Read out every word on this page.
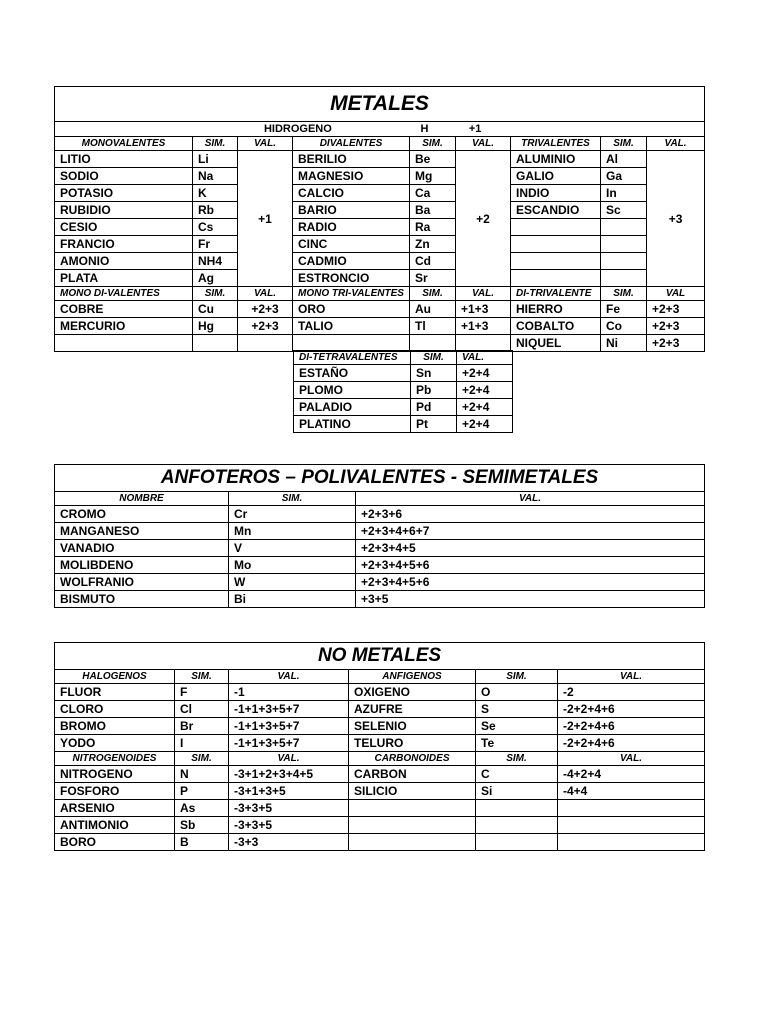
METALES								
HIDROGENO H +1								
MONOVALENTES	SIM.	VAL.	DIVALENTES	SIM.	VAL.	TRIVALENTES	SIM.	VAL.
LITIO	Li	+1	BERILIO	Be	+2	ALUMINIO	Al	+3
SODIO	Na		MAGNESIO	Mg		GALIO	Ga	
POTASIO	K		CALCIO	Ca		INDIO	In	
RUBIDIO	Rb		BARIO	Ba		ESCANDIO	Sc	
CESIO	Cs		RADIO	Ra				
FRANCIO	Fr		CINC	Zn				
AMONIO	NH4		CADMIO	Cd				
PLATA	Ag		ESTRONCIO	Sr				
MONO DI-VALENTES	SIM.	VAL.	MONO TRI-VALENTES	SIM.	VAL.	DI-TRIVALENTE	SIM.	VAL
COBRE	Cu	+2+3	ORO	Au	+1+3	HIERRO	Fe	+2+3
MERCURIO	Hg	+2+3	TALIO	Tl	+1+3	COBALTO	Co	+2+3
						NIQUEL	Ni	+2+3
DI-TETRAVALENTES	SIM.	VAL.
ESTAÑO	Sn	+2+4
PLOMO	Pb	+2+4
PALADIO	Pd	+2+4
PLATINO	Pt	+2+4
ANFOTEROS – POLIVALENTES - SEMIMETALES		
NOMBRE	SIM.	VAL.
CROMO	Cr	+2+3+6
MANGANESO	Mn	+2+3+4+6+7
VANADIO	V	+2+3+4+5
MOLIBDENO	Mo	+2+3+4+5+6
WOLFRANIO	W	+2+3+4+5+6
BISMUTO	Bi	+3+5
NO METALES					
HALOGENOS	SIM.	VAL.	ANFIGENOS	SIM.	VAL.
FLUOR	F	-1	OXIGENO	O	-2
CLORO	Cl	-1+1+3+5+7	AZUFRE	S	-2+2+4+6
BROMO	Br	-1+1+3+5+7	SELENIO	Se	-2+2+4+6
YODO	I	-1+1+3+5+7	TELURO	Te	-2+2+4+6
NITROGENOIDES	SIM.	VAL.	CARBONOIDES	SIM.	VAL.
NITROGENO	N	-3+1+2+3+4+5	CARBON	C	-4+2+4
FOSFORO	P	-3+1+3+5	SILICIO	Si	-4+4
ARSENIO	As	-3+3+5			
ANTIMONIO	Sb	-3+3+5			
BORO	B	-3+3			
